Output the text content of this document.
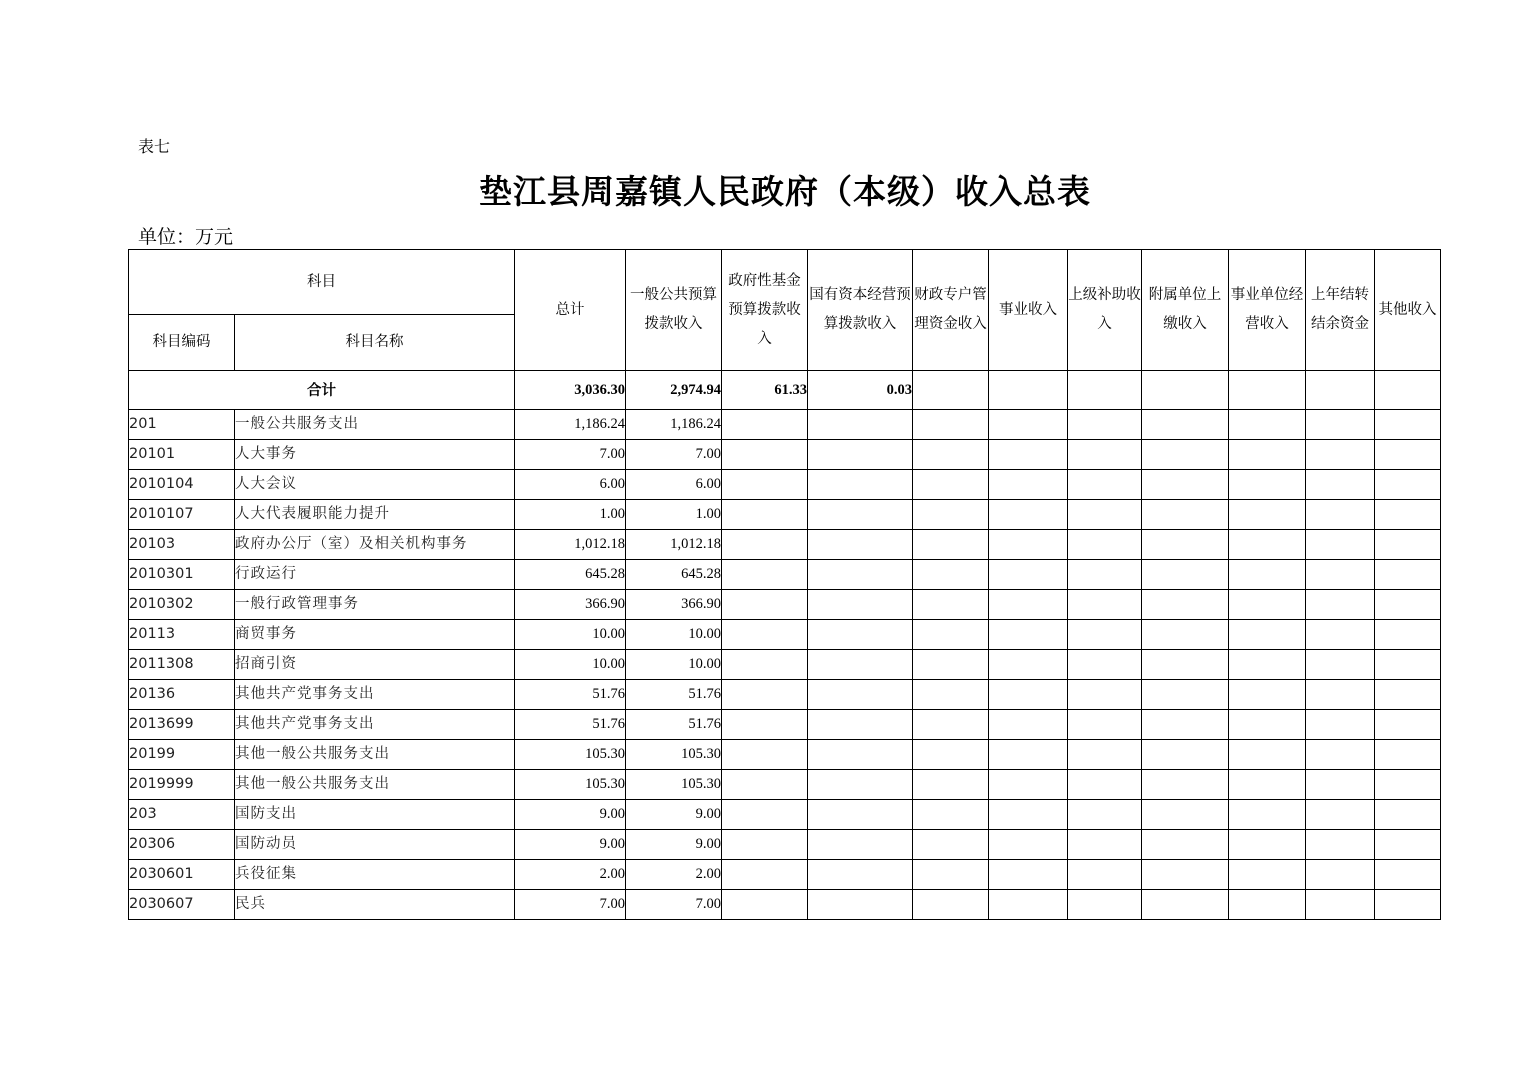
表七
垫江县周嘉镇人民政府（本级）收入总表
单位：万元
科目		总计	一般公共预算拨款收入	政府性基金预算拨款收入	国有资本经营预算拨款收入	财政专户管理资金收入	事业收入	上级补助收入	附属单位上缴收入	事业单位经营收入	上年结转结余资金	其他收入
科目编码	科目名称											
合计		3,036.30	2,974.94	61.33	0.03							
201	一般公共服务支出	1,186.24	1,186.24									
20101	人大事务	7.00	7.00									
2010104	人大会议	6.00	6.00									
2010107	人大代表履职能力提升	1.00	1.00									
20103	政府办公厅（室）及相关机构事务	1,012.18	1,012.18									
2010301	行政运行	645.28	645.28									
2010302	一般行政管理事务	366.90	366.90									
20113	商贸事务	10.00	10.00									
2011308	招商引资	10.00	10.00									
20136	其他共产党事务支出	51.76	51.76									
2013699	其他共产党事务支出	51.76	51.76									
20199	其他一般公共服务支出	105.30	105.30									
2019999	其他一般公共服务支出	105.30	105.30									
203	国防支出	9.00	9.00									
20306	国防动员	9.00	9.00									
2030601	兵役征集	2.00	2.00									
2030607	民兵	7.00	7.00									
